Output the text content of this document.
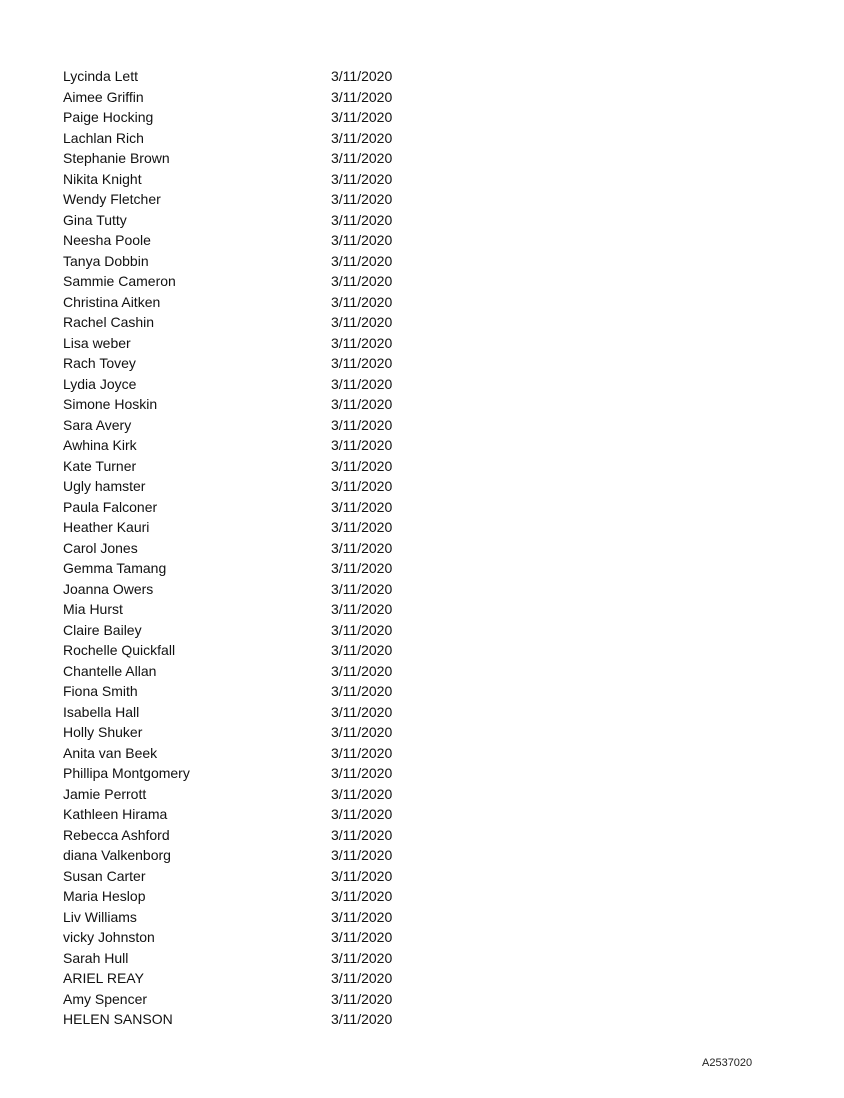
Lycinda Lett	3/11/2020
Aimee Griffin	3/11/2020
Paige Hocking	3/11/2020
Lachlan Rich	3/11/2020
Stephanie Brown	3/11/2020
Nikita Knight	3/11/2020
Wendy Fletcher	3/11/2020
Gina Tutty	3/11/2020
Neesha Poole	3/11/2020
Tanya Dobbin	3/11/2020
Sammie Cameron	3/11/2020
Christina Aitken	3/11/2020
Rachel Cashin	3/11/2020
Lisa weber	3/11/2020
Rach Tovey	3/11/2020
Lydia Joyce	3/11/2020
Simone Hoskin	3/11/2020
Sara Avery	3/11/2020
Awhina Kirk	3/11/2020
Kate Turner	3/11/2020
Ugly hamster	3/11/2020
Paula Falconer	3/11/2020
Heather Kauri	3/11/2020
Carol Jones	3/11/2020
Gemma Tamang	3/11/2020
Joanna Owers	3/11/2020
Mia Hurst	3/11/2020
Claire Bailey	3/11/2020
Rochelle Quickfall	3/11/2020
Chantelle Allan	3/11/2020
Fiona Smith	3/11/2020
Isabella Hall	3/11/2020
Holly Shuker	3/11/2020
Anita van Beek	3/11/2020
Phillipa Montgomery	3/11/2020
Jamie Perrott	3/11/2020
Kathleen Hirama	3/11/2020
Rebecca Ashford	3/11/2020
diana Valkenborg	3/11/2020
Susan Carter	3/11/2020
Maria Heslop	3/11/2020
Liv Williams	3/11/2020
vicky Johnston	3/11/2020
Sarah Hull	3/11/2020
ARIEL REAY	3/11/2020
Amy Spencer	3/11/2020
HELEN SANSON	3/11/2020
A2537020
